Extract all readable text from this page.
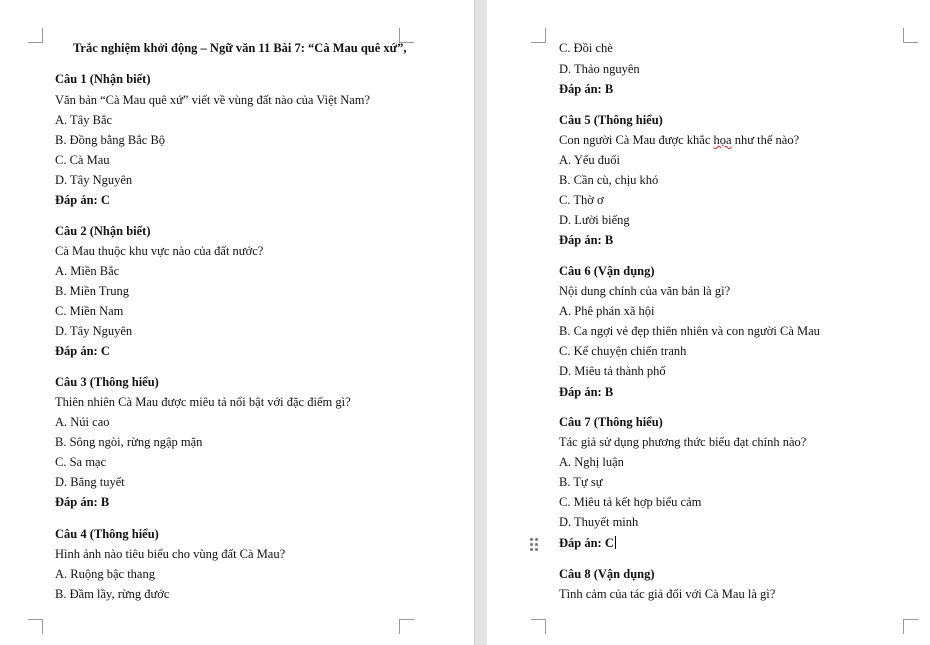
Trắc nghiệm khởi động – Ngữ văn 11 Bài 7: “Cà Mau quê xứ”,
Câu 1 (Nhận biết)
Văn bản “Cà Mau quê xứ” viết về vùng đất nào của Việt Nam?
A. Tây Bắc
B. Đồng bằng Bắc Bộ
C. Cà Mau
D. Tây Nguyên
Đáp án: C
Câu 2 (Nhận biết)
Cà Mau thuộc khu vực nào của đất nước?
A. Miền Bắc
B. Miền Trung
C. Miền Nam
D. Tây Nguyên
Đáp án: C
Câu 3 (Thông hiểu)
Thiên nhiên Cà Mau được miêu tả nổi bật với đặc điểm gì?
A. Núi cao
B. Sông ngòi, rừng ngập mặn
C. Sa mạc
D. Băng tuyết
Đáp án: B
Câu 4 (Thông hiểu)
Hình ảnh nào tiêu biểu cho vùng đất Cà Mau?
A. Ruộng bậc thang
B. Đầm lầy, rừng đước
C. Đồi chè
D. Thảo nguyên
Đáp án: B
Câu 5 (Thông hiểu)
Con người Cà Mau được khắc họa như thế nào?
A. Yếu đuối
B. Cần cù, chịu khó
C. Thờ ơ
D. Lười biếng
Đáp án: B
Câu 6 (Vận dụng)
Nội dung chính của văn bản là gì?
A. Phê phán xã hội
B. Ca ngợi vẻ đẹp thiên nhiên và con người Cà Mau
C. Kể chuyện chiến tranh
D. Miêu tả thành phố
Đáp án: B
Câu 7 (Thông hiểu)
Tác giả sử dụng phương thức biểu đạt chính nào?
A. Nghị luận
B. Tự sự
C. Miêu tả kết hợp biểu cảm
D. Thuyết minh
Đáp án: C
Câu 8 (Vận dụng)
Tình cảm của tác giả đối với Cà Mau là gì?
